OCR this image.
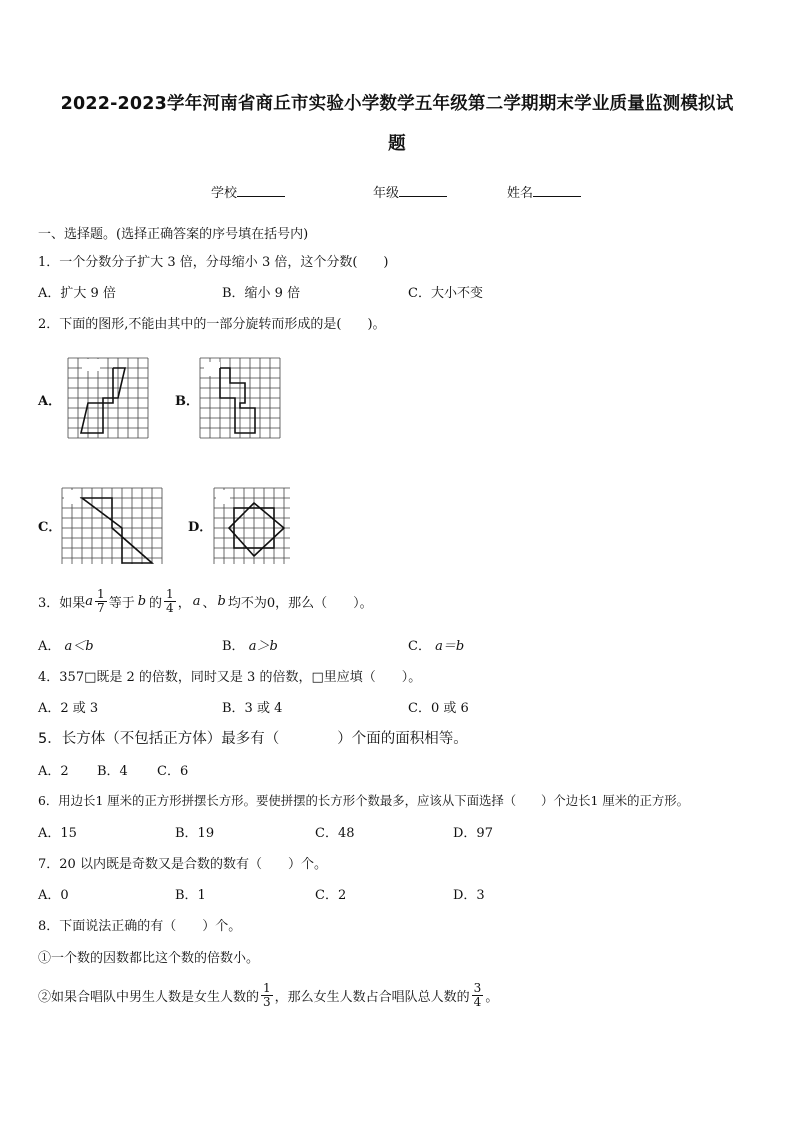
2022-2023学年河南省商丘市实验小学数学五年级第二学期期末学业质量监测模拟试
题
学校	年级	姓名
一、选择题。(选择正确答案的序号填在括号内)
1．一个分数分子扩大 3 倍，分母缩小 3 倍，这个分数(　　)
A．扩大 9 倍	B．缩小 9 倍	C．大小不变
2．下面的图形,不能由其中的一部分旋转而形成的是(　　)。
A．	B．
C．	D．
3．如果 a $\frac{1}{7}$ 等于 b 的 $\frac{1}{4}$ ， a 、 b 均不为0，那么（　　）。
A． a＜b	B． a＞b	C． a＝b
4．357□既是 2 的倍数，同时又是 3 的倍数，□里应填（　　）。
A．2 或 3	B．3 或 4	C．0 或 6
5．长方体（不包括正方体）最多有（　　　　）个面的面积相等。
A．2 B．4 C．6
6．用边长1 厘米的正方形拼摆长方形。要使拼摆的长方形个数最多，应该从下面选择（　　）个边长1 厘米的正方形。
A．15	B．19	C．48	D．97
7．20 以内既是奇数又是合数的数有（　　）个。
A．0	B．1	C．2	D．3
8．下面说法正确的有（　　）个。
①一个数的因数都比这个数的倍数小。
②如果合唱队中男生人数是女生人数的 $\frac{1}{3}$ ，那么女生人数占合唱队总人数的 $\frac{3}{4}$ 。
